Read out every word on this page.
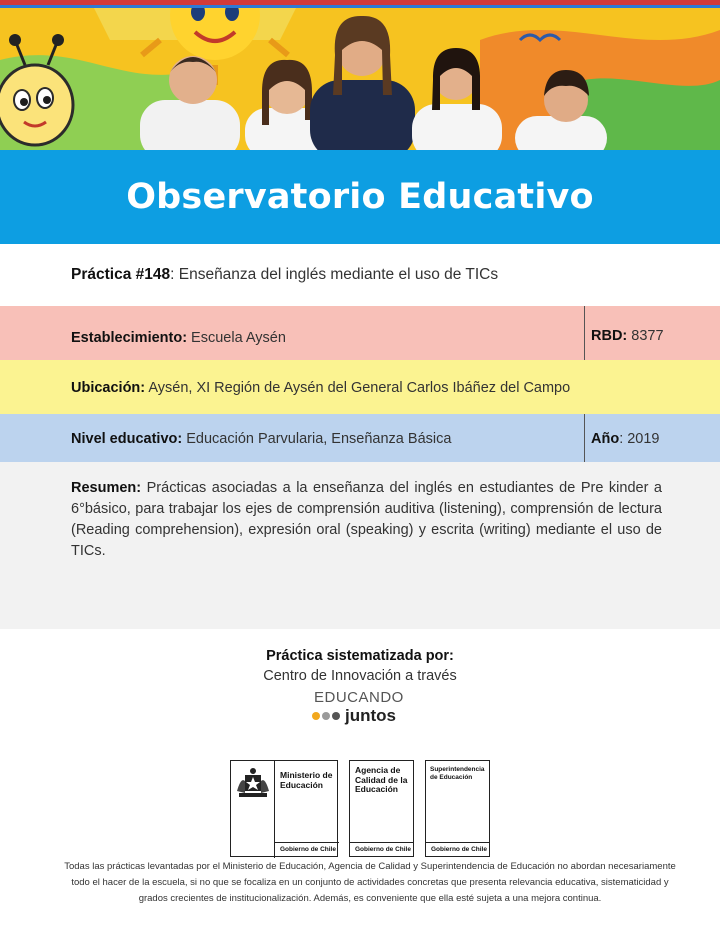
Observatorio Educativo
Práctica #148: Enseñanza del inglés mediante el uso de TICs
Establecimiento: Escuela Aysén	RBD: 8377
Ubicación: Aysén, XI Región de Aysén del General Carlos Ibáñez del Campo
Nivel educativo: Educación Parvularia, Enseñanza Básica	Año: 2019

Resumen: Prácticas asociadas a la enseñanza del inglés en estudiantes de Pre kinder a 6°básico, para trabajar los ejes de comprensión auditiva (listening), comprensión de lectura (Reading comprehension), expresión oral (speaking) y escrita (writing) mediante el uso de TICs.

Práctica sistematizada por:
Centro de Innovación a través
EDUCANDO
juntos
Ministerio de
Educación
Gobierno de Chile
Agencia de
Calidad de la
Educación
Gobierno de Chile
Superintendencia
de Educación
Gobierno de Chile
Todas las prácticas levantadas por el Ministerio de Educación, Agencia de Calidad y Superintendencia de Educación no abordan necesariamente todo el hacer de la escuela, si no que se focaliza en un conjunto de actividades concretas que presenta relevancia educativa, sistematicidad y grados crecientes de institucionalización. Además, es conveniente que ella esté sujeta a una mejora continua.
